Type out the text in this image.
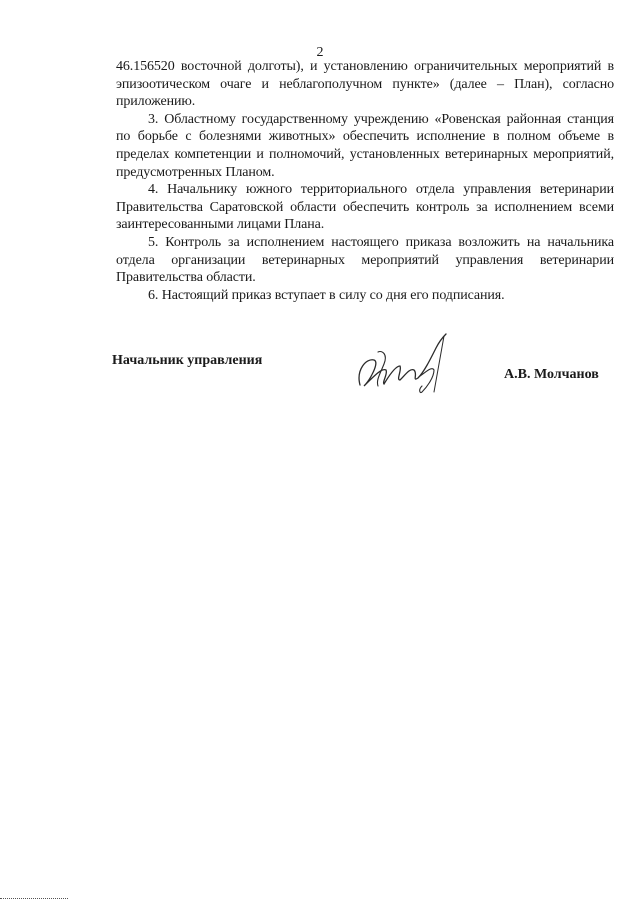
2

46.156520 восточной долготы), и установлению ограничительных мероприятий в эпизоотическом очаге и неблагополучном пункте» (далее – План), согласно приложению.

3. Областному государственному учреждению «Ровенская районная станция по борьбе с болезнями животных» обеспечить исполнение в полном объеме в пределах компетенции и полномочий, установленных ветеринарных мероприятий, предусмотренных Планом.

4. Начальнику южного территориального отдела управления ветеринарии Правительства Саратовской области обеспечить контроль за исполнением всеми заинтересованными лицами Плана.

5. Контроль за исполнением настоящего приказа возложить на начальника отдела организации ветеринарных мероприятий управления ветеринарии Правительства области.

6. Настоящий приказ вступает в силу со дня его подписания.

Начальник управления
А.В. Молчанов
